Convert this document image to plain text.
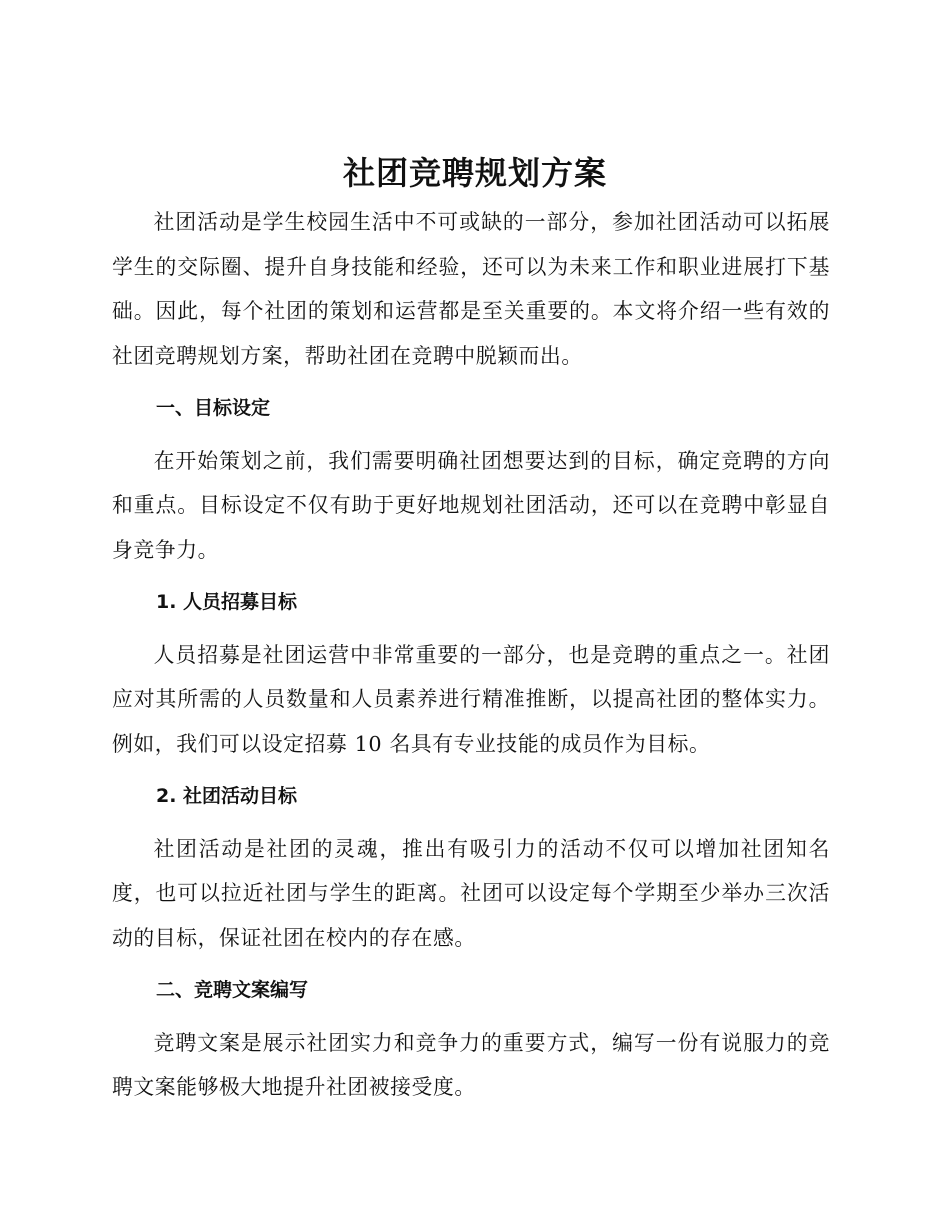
社团竞聘规划方案

社团活动是学生校园生活中不可或缺的一部分，参加社团活动可以拓展学生的交际圈、提升自身技能和经验，还可以为未来工作和职业进展打下基础。因此，每个社团的策划和运营都是至关重要的。本文将介绍一些有效的社团竞聘规划方案，帮助社团在竞聘中脱颖而出。

一、目标设定

在开始策划之前，我们需要明确社团想要达到的目标，确定竞聘的方向和重点。目标设定不仅有助于更好地规划社团活动，还可以在竞聘中彰显自身竞争力。

1. 人员招募目标

人员招募是社团运营中非常重要的一部分，也是竞聘的重点之一。社团应对其所需的人员数量和人员素养进行精准推断，以提高社团的整体实力。例如，我们可以设定招募 10 名具有专业技能的成员作为目标。

2. 社团活动目标

社团活动是社团的灵魂，推出有吸引力的活动不仅可以增加社团知名度，也可以拉近社团与学生的距离。社团可以设定每个学期至少举办三次活动的目标，保证社团在校内的存在感。

二、竞聘文案编写

竞聘文案是展示社团实力和竞争力的重要方式，编写一份有说服力的竞聘文案能够极大地提升社团被接受度。
